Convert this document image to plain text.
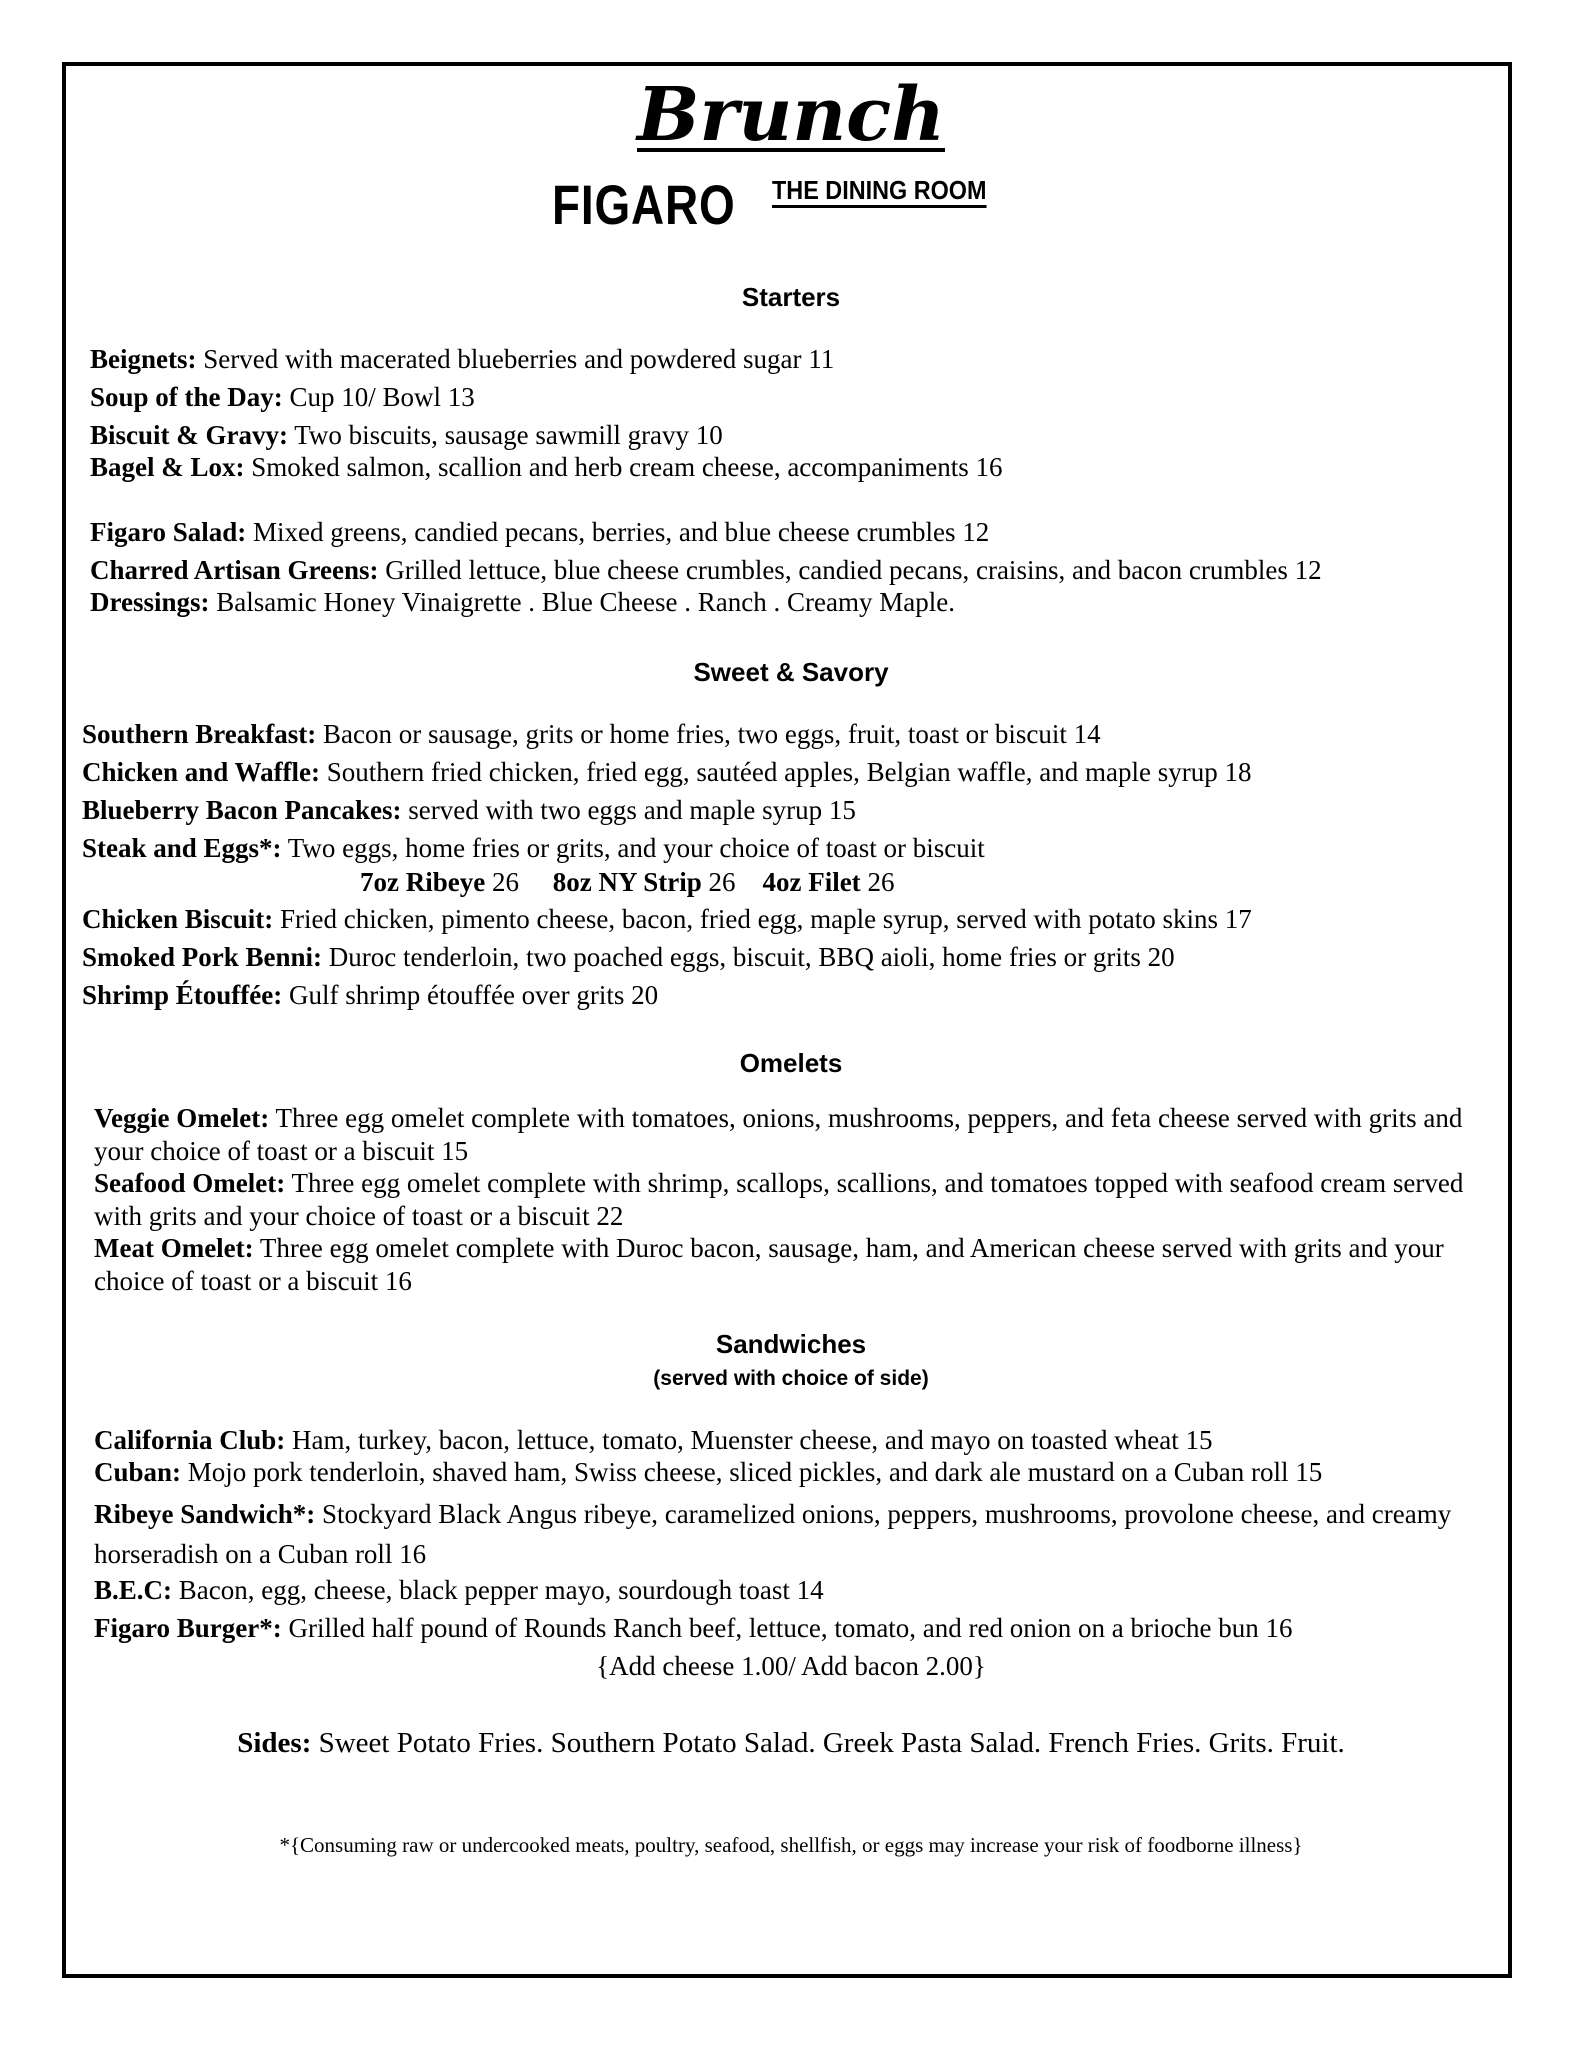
Brunch
FIGARO THE DINING ROOM
Starters
Beignets: Served with macerated blueberries and powdered sugar 11
Soup of the Day: Cup 10/ Bowl 13
Biscuit & Gravy: Two biscuits, sausage sawmill gravy 10
Bagel & Lox: Smoked salmon, scallion and herb cream cheese, accompaniments 16
Figaro Salad: Mixed greens, candied pecans, berries, and blue cheese crumbles 12
Charred Artisan Greens: Grilled lettuce, blue cheese crumbles, candied pecans, craisins, and bacon crumbles 12
Dressings: Balsamic Honey Vinaigrette . Blue Cheese . Ranch . Creamy Maple.
Sweet & Savory
Southern Breakfast: Bacon or sausage, grits or home fries, two eggs, fruit, toast or biscuit 14
Chicken and Waffle: Southern fried chicken, fried egg, sautéed apples, Belgian waffle, and maple syrup 18
Blueberry Bacon Pancakes: served with two eggs and maple syrup 15
Steak and Eggs*: Two eggs, home fries or grits, and your choice of toast or biscuit
7oz Ribeye 26 8oz NY Strip 26 4oz Filet 26
Chicken Biscuit: Fried chicken, pimento cheese, bacon, fried egg, maple syrup, served with potato skins 17
Smoked Pork Benni: Duroc tenderloin, two poached eggs, biscuit, BBQ aioli, home fries or grits 20
Shrimp Étouffée: Gulf shrimp étouffée over grits 20
Omelets
Veggie Omelet: Three egg omelet complete with tomatoes, onions, mushrooms, peppers, and feta cheese served with grits and your choice of toast or a biscuit 15
Seafood Omelet: Three egg omelet complete with shrimp, scallops, scallions, and tomatoes topped with seafood cream served with grits and your choice of toast or a biscuit 22
Meat Omelet: Three egg omelet complete with Duroc bacon, sausage, ham, and American cheese served with grits and your choice of toast or a biscuit 16
Sandwiches
(served with choice of side)
California Club: Ham, turkey, bacon, lettuce, tomato, Muenster cheese, and mayo on toasted wheat 15
Cuban: Mojo pork tenderloin, shaved ham, Swiss cheese, sliced pickles, and dark ale mustard on a Cuban roll 15
Ribeye Sandwich*: Stockyard Black Angus ribeye, caramelized onions, peppers, mushrooms, provolone cheese, and creamy horseradish on a Cuban roll 16
B.E.C: Bacon, egg, cheese, black pepper mayo, sourdough toast 14
Figaro Burger*: Grilled half pound of Rounds Ranch beef, lettuce, tomato, and red onion on a brioche bun 16
{Add cheese 1.00/ Add bacon 2.00}
Sides: Sweet Potato Fries. Southern Potato Salad. Greek Pasta Salad. French Fries. Grits. Fruit.
*{Consuming raw or undercooked meats, poultry, seafood, shellfish, or eggs may increase your risk of foodborne illness}
